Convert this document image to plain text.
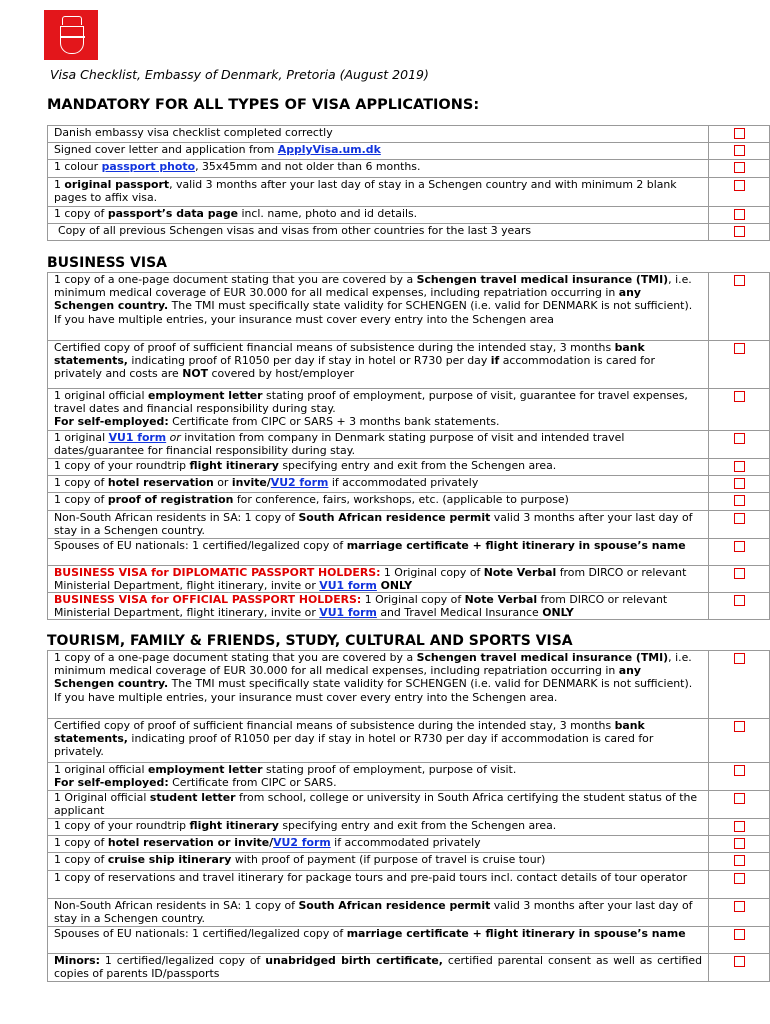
Visa Checklist, Embassy of Denmark, Pretoria (August 2019)
MANDATORY FOR ALL TYPES OF VISA APPLICATIONS:
Danish embassy visa checklist completed correctly	
Signed cover letter and application from ApplyVisa.um.dk	
1 colour passport photo, 35x45mm and not older than 6 months.	
1 original passport, valid 3 months after your last day of stay in a Schengen country and with minimum 2 blank pages to affix visa.	
1 copy of passport’s data page incl. name, photo and id details.	
Copy of all previous Schengen visas and visas from other countries for the last 3 years	
BUSINESS VISA
1 copy of a one-page document stating that you are covered by a Schengen travel medical insurance (TMI), i.e. minimum medical coverage of EUR 30.000 for all medical expenses, including repatriation occurring in any Schengen country. The TMI must specifically state validity for SCHENGEN (i.e. valid for DENMARK is not sufficient). If you have multiple entries, your insurance must cover every entry into the Schengen area	
Certified copy of proof of sufficient financial means of subsistence during the intended stay, 3 months bank statements, indicating proof of R1050 per day if stay in hotel or R730 per day if accommodation is cared for privately and costs are NOT covered by host/employer	
1 original official employment letter stating proof of employment, purpose of visit, guarantee for travel expenses, travel dates and financial responsibility during stay.
For self-employed: Certificate from CIPC or SARS + 3 months bank statements.	
1 original VU1 form or invitation from company in Denmark stating purpose of visit and intended travel dates/guarantee for financial responsibility during stay.	
1 copy of your roundtrip flight itinerary specifying entry and exit from the Schengen area.	
1 copy of hotel reservation or invite/VU2 form if accommodated privately	
1 copy of proof of registration for conference, fairs, workshops, etc. (applicable to purpose)	
Non-South African residents in SA: 1 copy of South African residence permit valid 3 months after your last day of stay in a Schengen country.	
Spouses of EU nationals: 1 certified/legalized copy of marriage certificate + flight itinerary in spouse’s name	
BUSINESS VISA for DIPLOMATIC PASSPORT HOLDERS: 1 Original copy of Note Verbal from DIRCO or relevant Ministerial Department, flight itinerary, invite or VU1 form ONLY	
BUSINESS VISA for OFFICIAL PASSPORT HOLDERS: 1 Original copy of Note Verbal from DIRCO or relevant Ministerial Department, flight itinerary, invite or VU1 form and Travel Medical Insurance ONLY	
TOURISM, FAMILY & FRIENDS, STUDY, CULTURAL AND SPORTS VISA
1 copy of a one-page document stating that you are covered by a Schengen travel medical insurance (TMI), i.e. minimum medical coverage of EUR 30.000 for all medical expenses, including repatriation occurring in any Schengen country. The TMI must specifically state validity for SCHENGEN (i.e. valid for DENMARK is not sufficient). If you have multiple entries, your insurance must cover every entry into the Schengen area.	
Certified copy of proof of sufficient financial means of subsistence during the intended stay, 3 months bank statements, indicating proof of R1050 per day if stay in hotel or R730 per day if accommodation is cared for privately.	
1 original official employment letter stating proof of employment, purpose of visit.
For self-employed: Certificate from CIPC or SARS.	
1 Original official student letter from school, college or university in South Africa certifying the student status of the applicant	
1 copy of your roundtrip flight itinerary specifying entry and exit from the Schengen area.	
1 copy of hotel reservation or invite/VU2 form if accommodated privately	
1 copy of cruise ship itinerary with proof of payment (if purpose of travel is cruise tour)	
1 copy of reservations and travel itinerary for package tours and pre-paid tours incl. contact details of tour operator	
Non-South African residents in SA: 1 copy of South African residence permit valid 3 months after your last day of stay in a Schengen country.	
Spouses of EU nationals: 1 certified/legalized copy of marriage certificate + flight itinerary in spouse’s name	
Minors: 1 certified/legalized copy of unabridged birth certificate, certified parental consent as well as certified copies of parents ID/passports	
